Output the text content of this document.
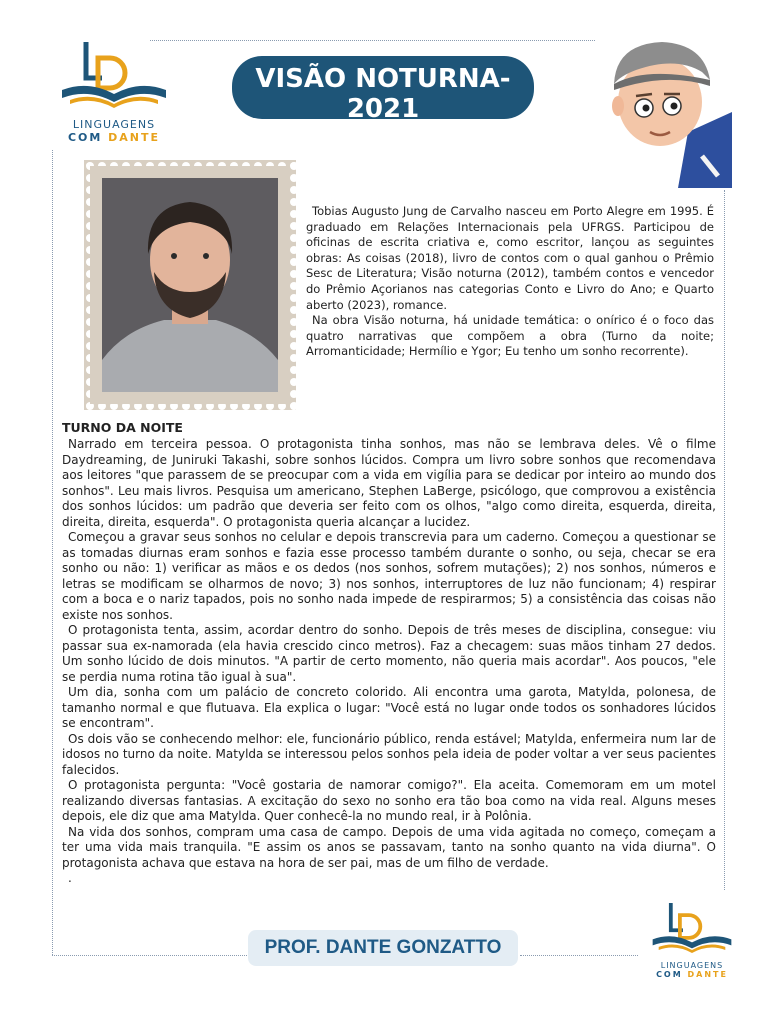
LINGUAGENS
COM DANTE
VISÃO NOTURNA- 2021
TOBIAS CARVALHO

Tobias Augusto Jung de Carvalho nasceu em Porto Alegre em 1995. É graduado em Relações Internacionais pela UFRGS. Participou de oficinas de escrita criativa e, como escritor, lançou as seguintes obras: As coisas (2018), livro de contos com o qual ganhou o Prêmio Sesc de Literatura; Visão noturna (2012), também contos e vencedor do Prêmio Açorianos nas categorias Conto e Livro do Ano; e Quarto aberto (2023), romance.

Na obra Visão noturna, há unidade temática: o onírico é o foco das quatro narrativas que compõem a obra (Turno da noite; Arromanticidade; Hermílio e Ygor; Eu tenho um sonho recorrente).

TURNO DA NOITE

Narrado em terceira pessoa. O protagonista tinha sonhos, mas não se lembrava deles. Vê o filme Daydreaming, de Juniruki Takashi, sobre sonhos lúcidos. Compra um livro sobre sonhos que recomendava aos leitores "que parassem de se preocupar com a vida em vigília para se dedicar por inteiro ao mundo dos sonhos". Leu mais livros. Pesquisa um americano, Stephen LaBerge, psicólogo, que comprovou a existência dos sonhos lúcidos: um padrão que deveria ser feito com os olhos, "algo como direita, esquerda, direita, direita, direita, esquerda". O protagonista queria alcançar a lucidez.

Começou a gravar seus sonhos no celular e depois transcrevia para um caderno. Começou a questionar se as tomadas diurnas eram sonhos e fazia esse processo também durante o sonho, ou seja, checar se era sonho ou não: 1) verificar as mãos e os dedos (nos sonhos, sofrem mutações); 2) nos sonhos, números e letras se modificam se olharmos de novo; 3) nos sonhos, interruptores de luz não funcionam; 4) respirar com a boca e o nariz tapados, pois no sonho nada impede de respirarmos; 5) a consistência das coisas não existe nos sonhos.

O protagonista tenta, assim, acordar dentro do sonho. Depois de três meses de disciplina, consegue: viu passar sua ex-namorada (ela havia crescido cinco metros). Faz a checagem: suas mãos tinham 27 dedos. Um sonho lúcido de dois minutos. "A partir de certo momento, não queria mais acordar". Aos poucos, "ele se perdia numa rotina tão igual à sua".

Um dia, sonha com um palácio de concreto colorido. Ali encontra uma garota, Matylda, polonesa, de tamanho normal e que flutuava. Ela explica o lugar: "Você está no lugar onde todos os sonhadores lúcidos se encontram".

Os dois vão se conhecendo melhor: ele, funcionário público, renda estável; Matylda, enfermeira num lar de idosos no turno da noite. Matylda se interessou pelos sonhos pela ideia de poder voltar a ver seus pacientes falecidos.

O protagonista pergunta: "Você gostaria de namorar comigo?". Ela aceita. Comemoram em um motel realizando diversas fantasias. A excitação do sexo no sonho era tão boa como na vida real. Alguns meses depois, ele diz que ama Matylda. Quer conhecê-la no mundo real, ir à Polônia.

Na vida dos sonhos, compram uma casa de campo. Depois de uma vida agitada no começo, começam a ter uma vida mais tranquila. "E assim os anos se passavam, tanto na sonho quanto na vida diurna". O protagonista achava que estava na hora de ser pai, mas de um filho de verdade.

.

PROF. DANTE GONZATTO
LINGUAGENS
COM DANTE
